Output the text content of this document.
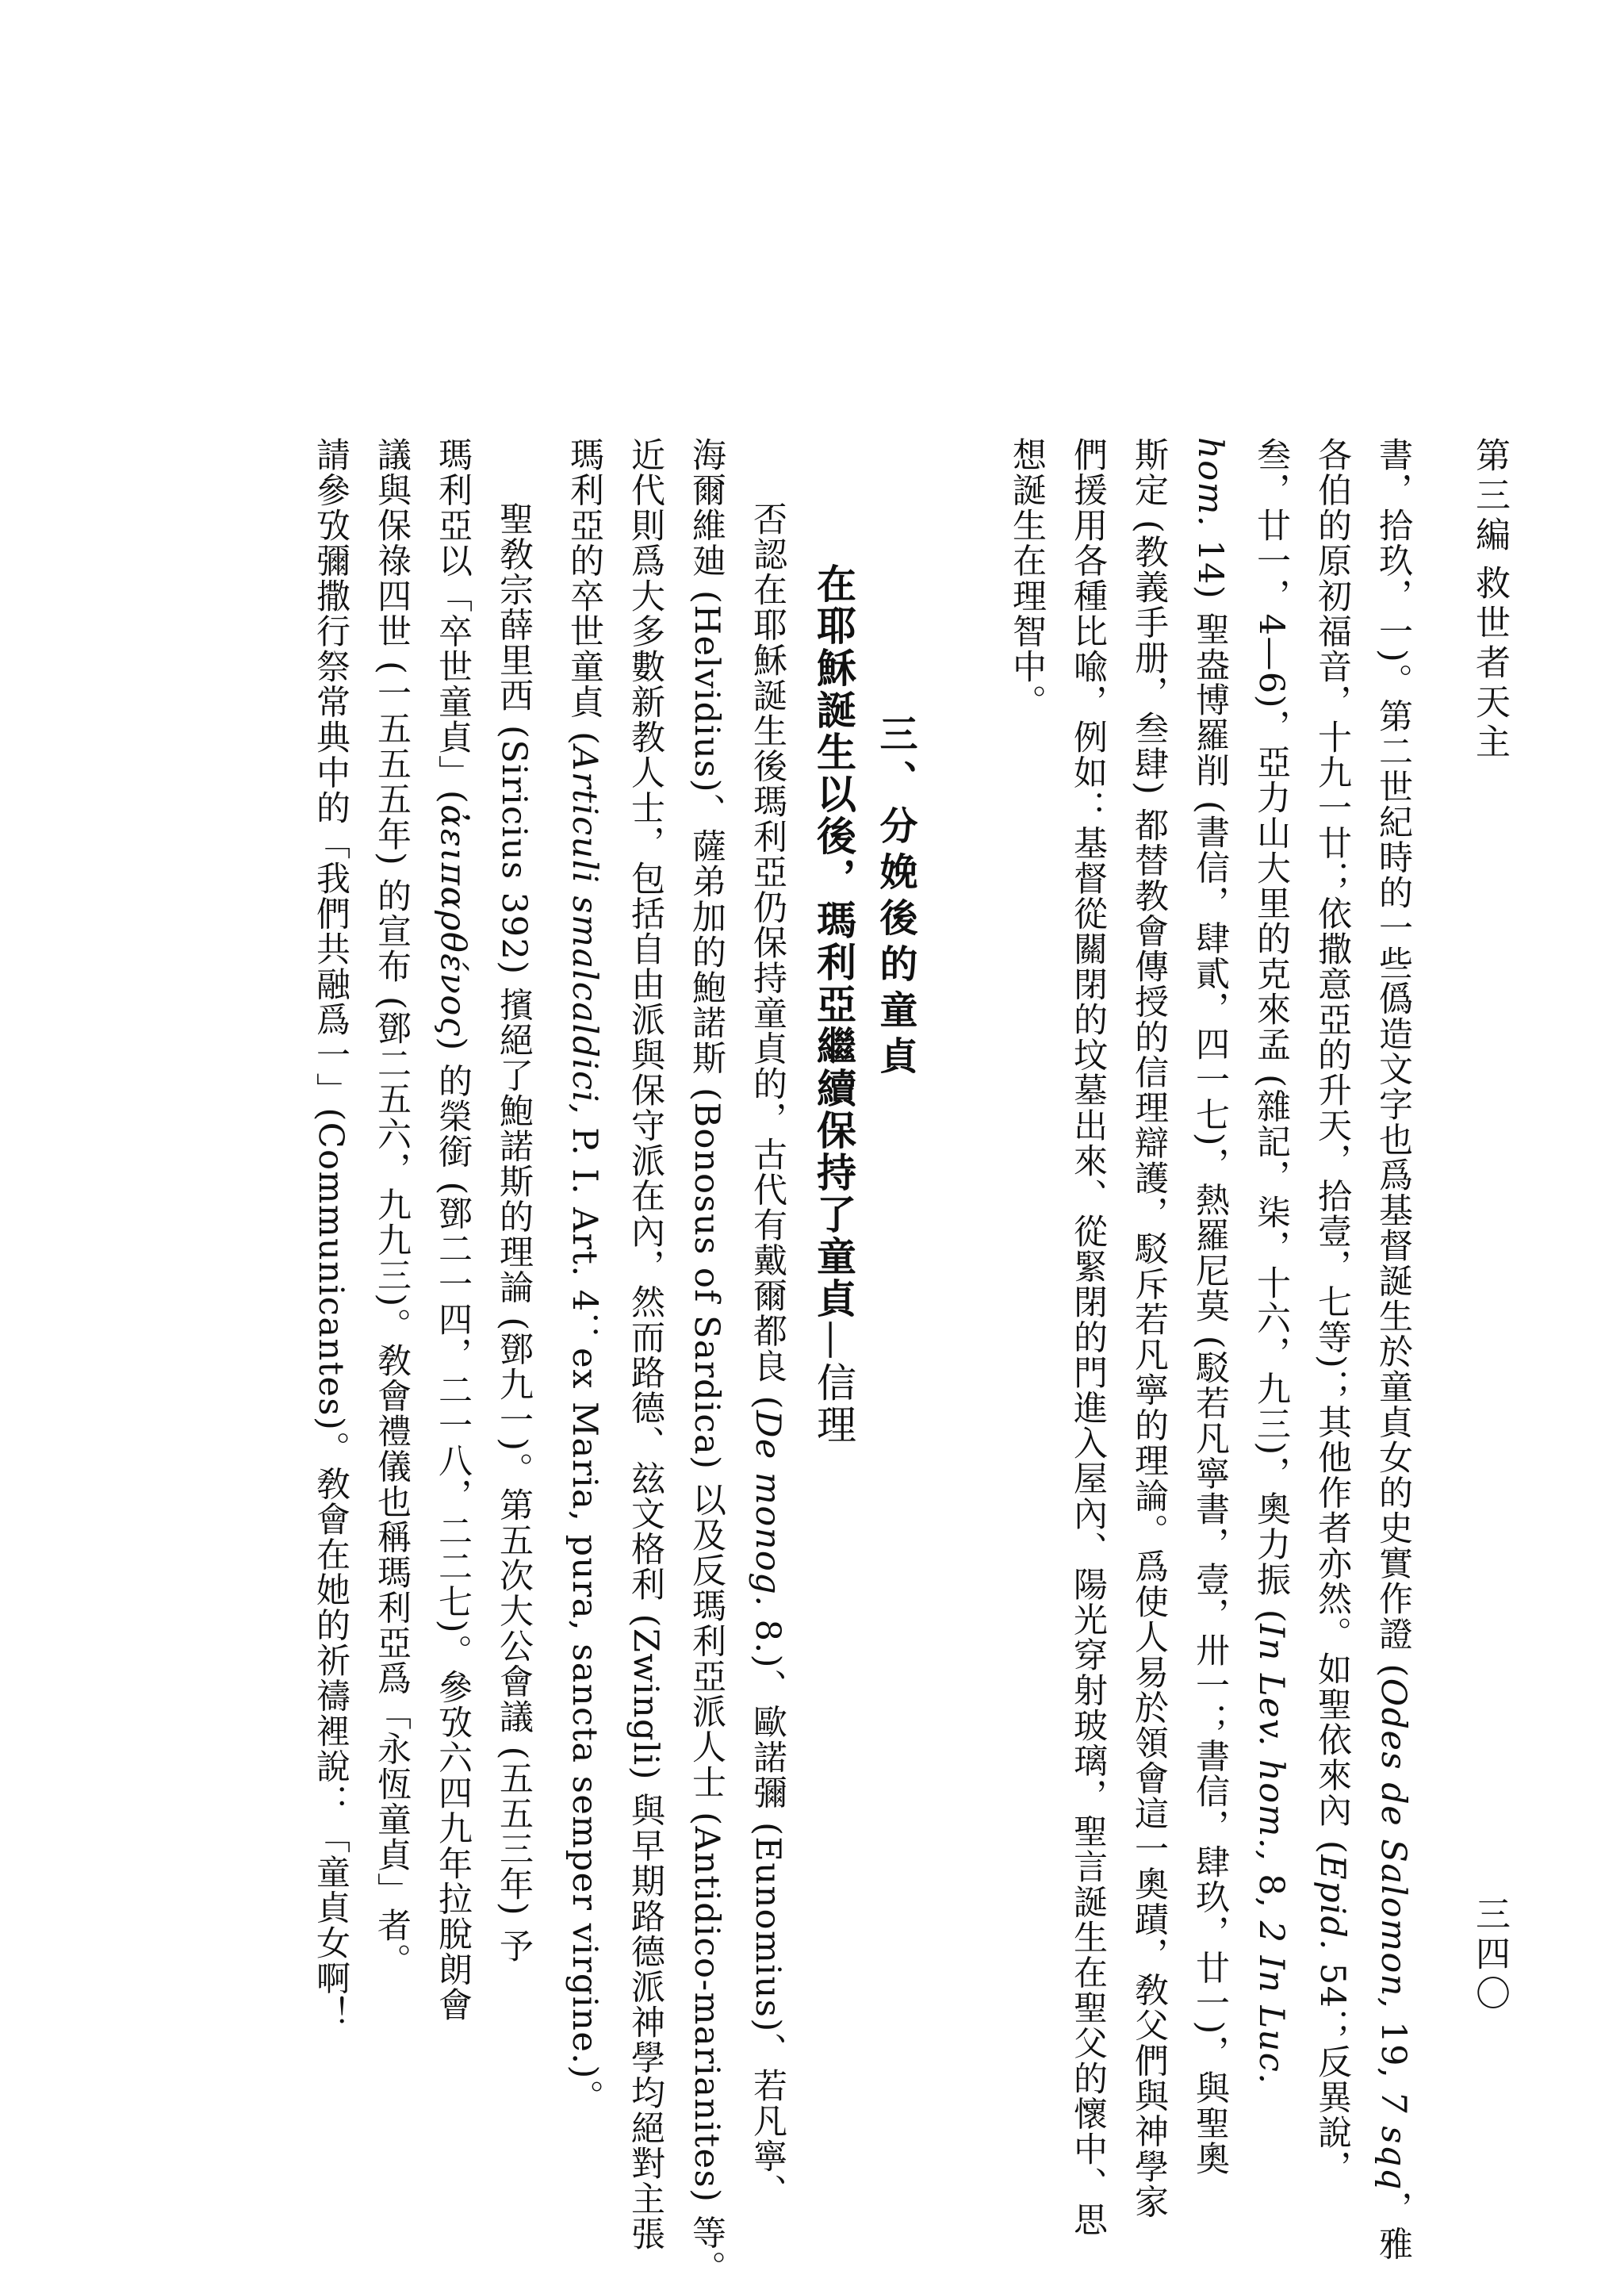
第三編
救世者天主
三四〇
書，拾玖，一)。第二世紀時的一些僞造文字也爲基督誕生於童貞女的史實作證 (Odes de Salomon, 19, 7 sqq，雅
各伯的原初福音，十九一廿；依撒意亞的升天，拾壹，七等)；其他作者亦然。如聖依來內 (Epid. 54；反異說，
叁，廿一，4—6)，亞力山大里的克來孟 (雜記，柒，十六，九三)，奧力振 (In Lev. hom., 8, 2 In Luc.
hom. 14) 聖盎博羅削 (書信，肆貳，四一七)，熱羅尼莫 (駁若凡寧書，壹，卅一；書信，肆玖，廿一)，與聖奧
斯定 (教義手册，叁肆) 都替教會傳授的信理辯護，駁斥若凡寧的理論。爲使人易於領會這一奧蹟，敎父們與神學家
們援用各種比喩，例如：基督從關閉的坟墓出來、從緊閉的門進入屋內、陽光穿射玻璃，聖言誕生在聖父的懷中、思
想誕生在理智中。
三、分娩後的童貞
在耶穌誕生以後，瑪利亞繼續保持了童貞—信理
否認在耶穌誕生後瑪利亞仍保持童貞的，古代有戴爾都良 (De monog. 8.)、歐諾彌 (Eunomius)、若凡寧、
海爾維廸 (Helvidius)、薩弟加的鮑諾斯 (Bonosus of Sardica) 以及反瑪利亞派人士 (Antidico-marianites) 等。
近代則爲大多數新教人士，包括自由派與保守派在內，然而路德、玆文格利 (Zwingli) 與早期路德派神學均絕對主張
瑪利亞的卒世童貞 (Articuli smalcaldici, P. I. Art. 4：ex Maria, pura, sancta semper virgine.)。
聖敎宗薛里西 (Siricius 392) 擯絕了鮑諾斯的理論 (鄧九一)。第五次大公會議 (五五三年) 予
瑪利亞以「卒世童貞」(ἀειπαρθένος) 的榮銜 (鄧二一四，二一八，二二七)。參攷六四九年拉脫朗會
議與保祿四世 (一五五五年) 的宣布 (鄧二五六，九九三)。敎會禮儀也稱瑪利亞爲「永恆童貞」者。
請參攷彌撒行祭常典中的「我們共融爲一」(Communicantes)。敎會在她的祈禱裡說：「童貞女啊！
